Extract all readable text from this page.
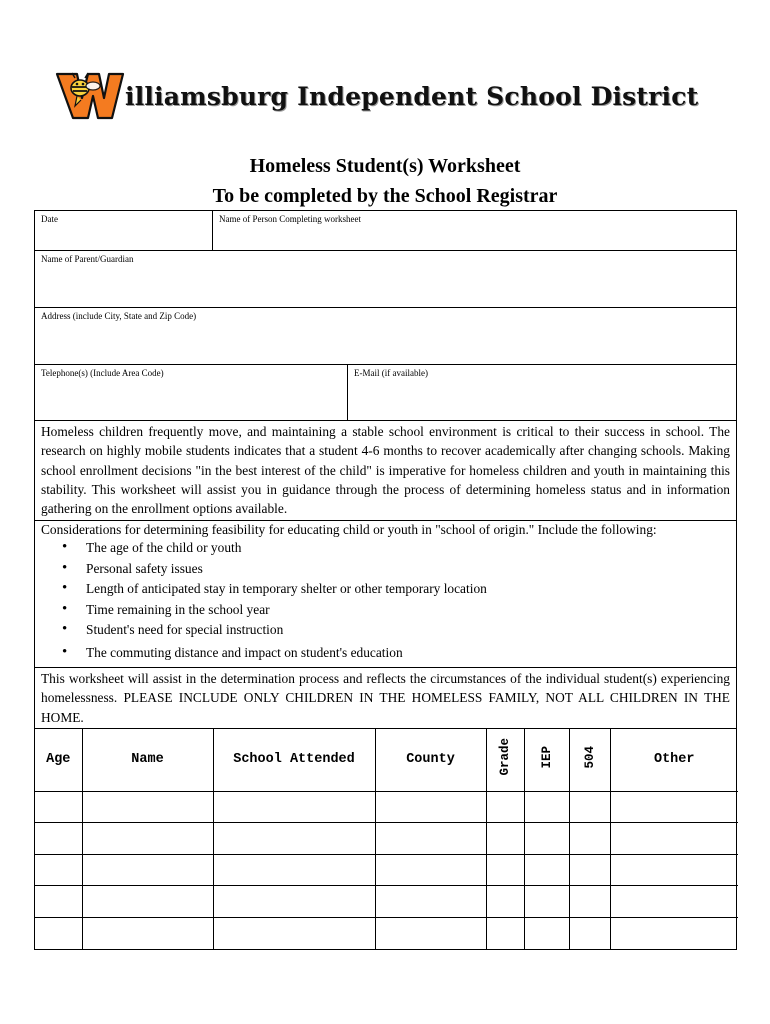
illiamsburg Independent School District
Homeless Student(s) Worksheet
To be completed by the School Registrar
Date	Name of Person Completing worksheet
Name of Parent/Guardian
Address (include City, State and Zip Code)
Telephone(s) (Include Area Code)	E-Mail (if available)
Homeless children frequently move, and maintaining a stable school environment is critical to their success in school. The research on highly mobile students indicates that a student 4-6 months to recover academically after changing schools. Making school enrollment decisions "in the best interest of the child" is imperative for homeless children and youth in maintaining this stability. This worksheet will assist you in guidance through the process of determining homeless status and in information gathering on the enrollment options available.
Considerations for determining feasibility for educating child or youth in "school of origin." Include the following:
• The age of the child or youth
• Personal safety issues
• Length of anticipated stay in temporary shelter or other temporary location
• Time remaining in the school year
• Student's need for special instruction
• The commuting distance and impact on student's education
This worksheet will assist in the determination process and reflects the circumstances of the individual student(s) experiencing homelessness. PLEASE INCLUDE ONLY CHILDREN IN THE HOMELESS FAMILY, NOT ALL CHILDREN IN THE HOME.
Age	Name	School Attended	County	Grade	IEP	504	Other
